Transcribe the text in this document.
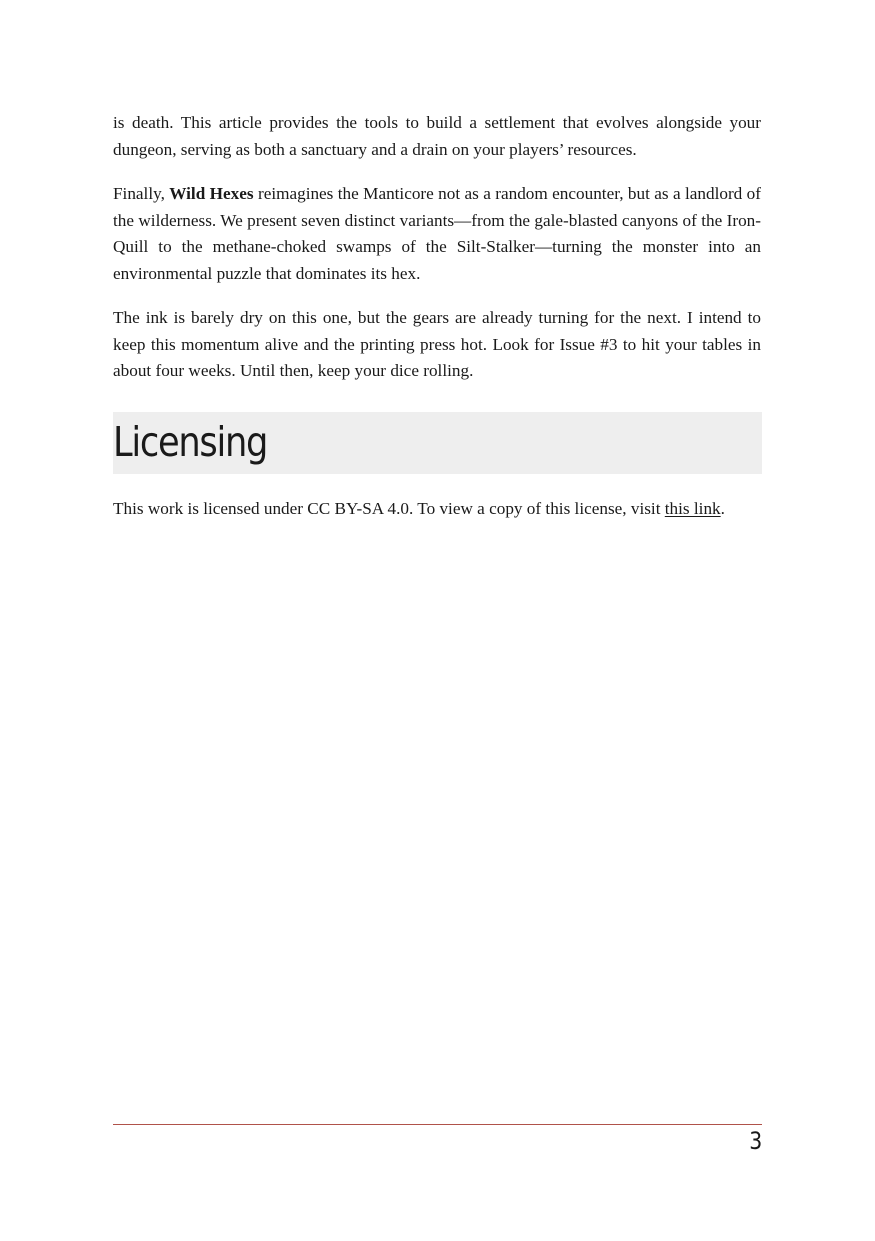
is death. This article provides the tools to build a settlement that evolves alongside your dungeon, serving as both a sanctuary and a drain on your players’ resources.

Finally, Wild Hexes reimagines the Manticore not as a random encounter, but as a landlord of the wilderness. We present seven distinct variants—from the gale-blasted canyons of the Iron-Quill to the methane-choked swamps of the Silt-Stalker—turning the monster into an environmental puzzle that dominates its hex.

The ink is barely dry on this one, but the gears are already turning for the next. I intend to keep this momentum alive and the printing press hot. Look for Issue #3 to hit your tables in about four weeks. Until then, keep your dice rolling.

Licensing

This work is licensed under CC BY-SA 4.0. To view a copy of this license, visit this link.

3
